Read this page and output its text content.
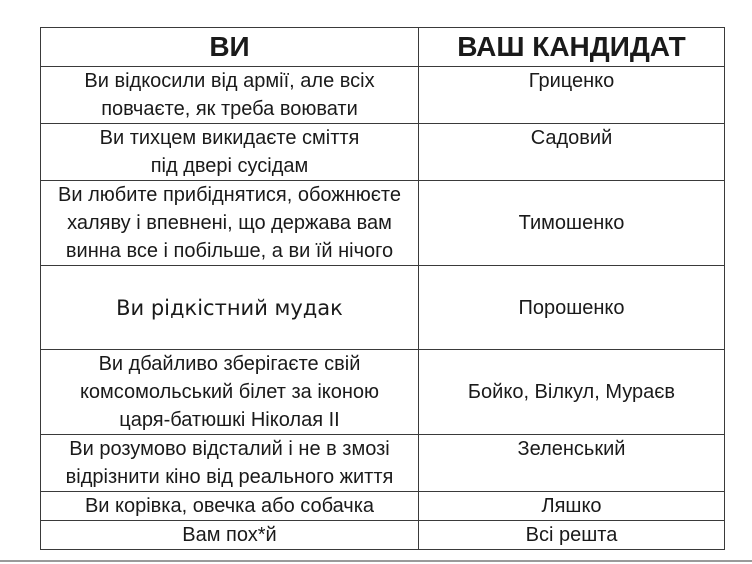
ВИ	ВАШ КАНДИДАТ

Ви відкосили від армії, але всіх
повчаєте, як треба воювати	Гриценко

Ви тихцем викидаєте сміття
під двері сусідам	Садовий

Ви любите прибіднятися, обожнюєте
халяву і впевнені, що держава вам
винна все і побільше, а ви їй нічого	Тимошенко

Ви рідкістний мудак	Порошенко

Ви дбайливо зберігаєте свій
комсомольський білет за іконою
царя-батюшкі Ніколая ІІ	Бойко, Вілкул, Мураєв

Ви розумово відсталий і не в змозі
відрізнити кіно від реального життя	Зеленський

Ви корівка, овечка або собачка	Ляшко

Вам пох*й	Всі решта
